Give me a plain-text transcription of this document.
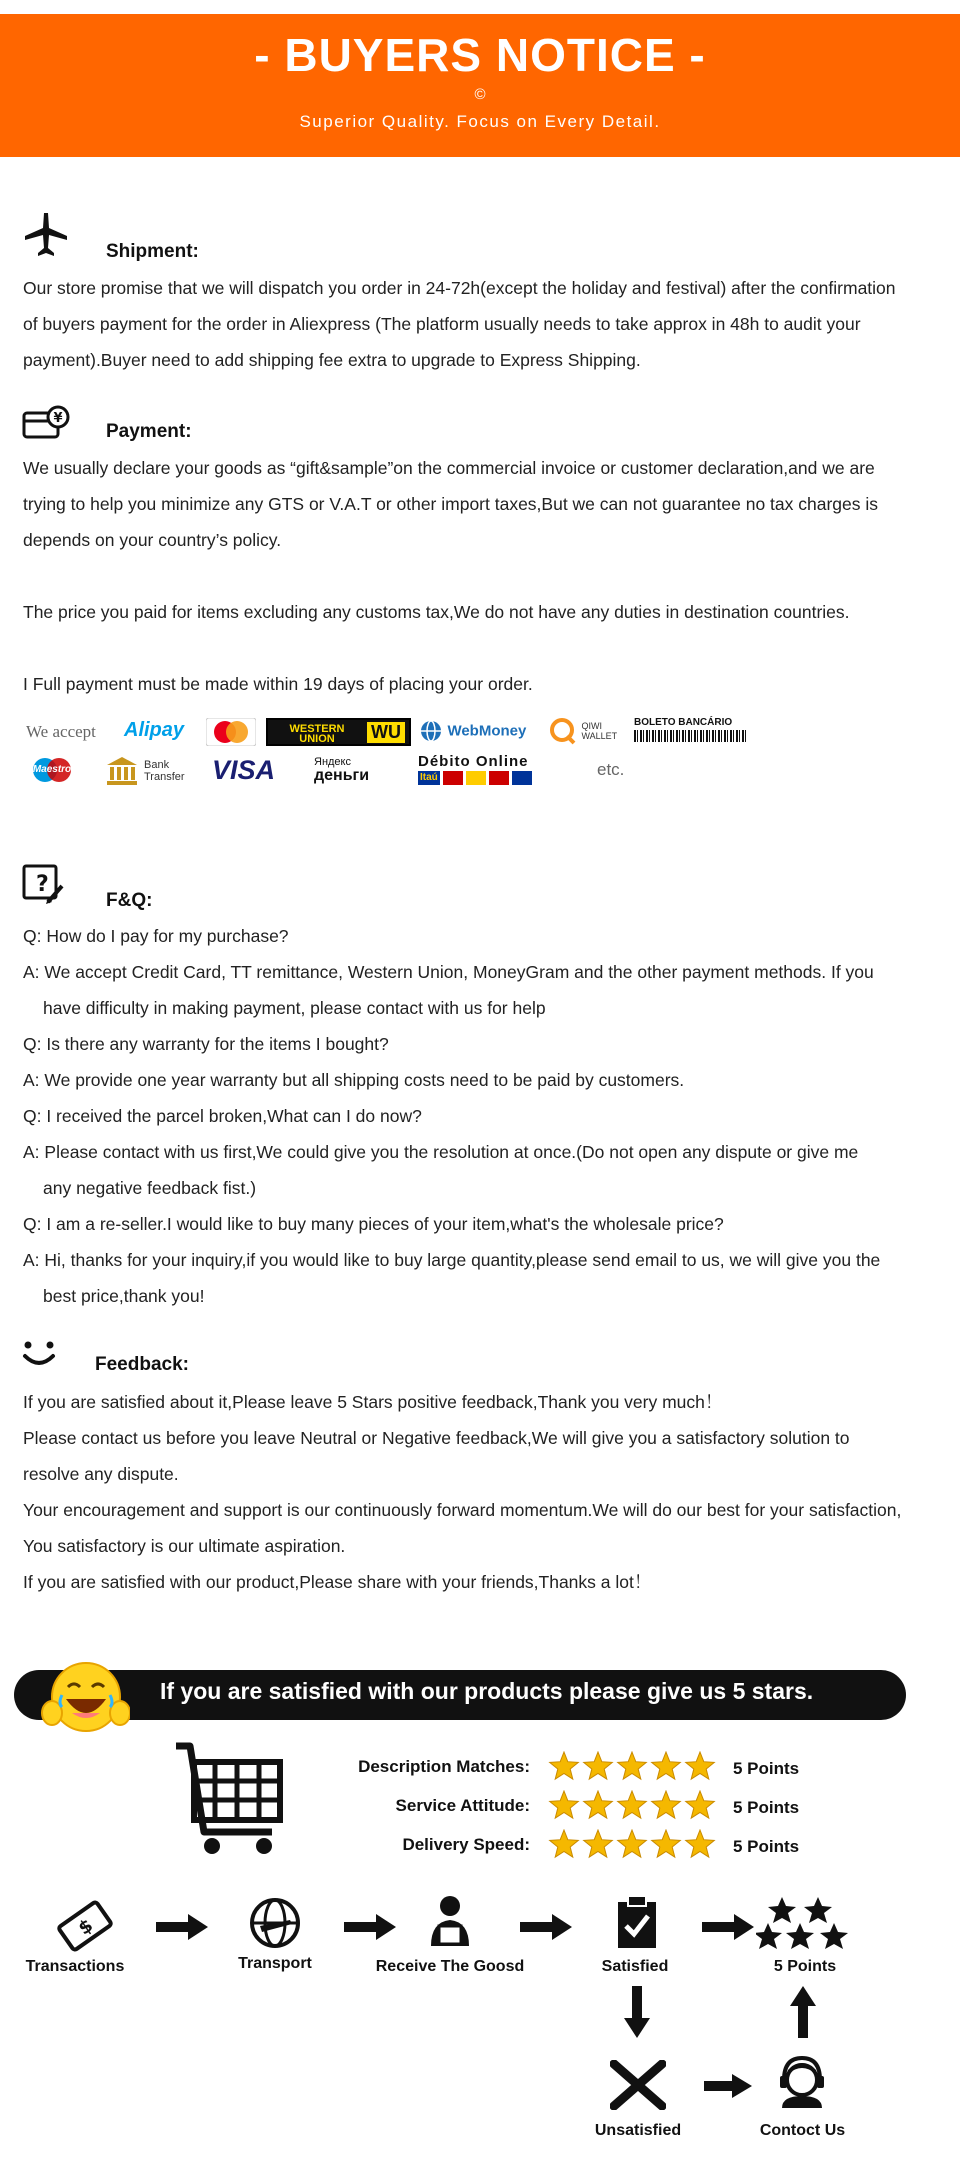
- BUYERS NOTICE -
©
Superior Quality. Focus on Every Detail.
Shipment:

Our store promise that we will dispatch you order in 24-72h(except the holiday and festival) after the confirmation

of buyers payment for the order in Aliexpress (The platform usually needs to take approx in 48h to audit your

payment).Buyer need to add shipping fee extra to upgrade to Express Shipping.

¥
Payment:

We usually declare your goods as “gift&sample”on the commercial invoice or customer declaration,and we are

trying to help you minimize any GTS or V.A.T or other import taxes,But we can not guarantee no tax charges is

depends on your country’s policy.

The price you paid for items excluding any customs tax,We do not have any duties in destination countries.

I Full payment must be made within 19 days of placing your order.

We accept Alipay	WESTERN UNION	WU	WebMoney
	QIWI
WALLET
BOLETO BANCÁRIO
Maestro	Bank
Transfer VISA	Яндекс
деньги
Débito Online
Itaú	etc.
?
F&Q:

Q: How do I pay for my purchase?

A: We accept Credit Card, TT remittance, Western Union, MoneyGram and the other payment methods. If you

have difficulty in making payment, please contact with us for help

Q: Is there any warranty for the items I bought?

A: We provide one year warranty but all shipping costs need to be paid by customers.

Q: I received the parcel broken,What can I do now?

A: Please contact with us first,We could give you the resolution at once.(Do not open any dispute or give me

any negative feedback fist.)

Q: I am a re-seller.I would like to buy many pieces of your item,what's the wholesale price?

A: Hi, thanks for your inquiry,if you would like to buy large quantity,please send email to us, we will give you the

best price,thank you!

Feedback:

If you are satisfied about it,Please leave 5 Stars positive feedback,Thank you very much！

Please contact us before you leave Neutral or Negative feedback,We will give you a satisfactory solution to

resolve any dispute.

Your encouragement and support is our continuously forward momentum.We will do our best for your satisfaction,

You satisfactory is our ultimate aspiration.

If you are satisfied with our product,Please share with your friends,Thanks a lot！

If you are satisfied with our products please give us 5 stars.
Description Matches:	5 Points
Service Attitude:	5 Points
Delivery Speed:	5 Points
$
Transactions	Transport	Receive The Goosd	Satisfied	5 Points
Unsatisfied	Contoct Us
